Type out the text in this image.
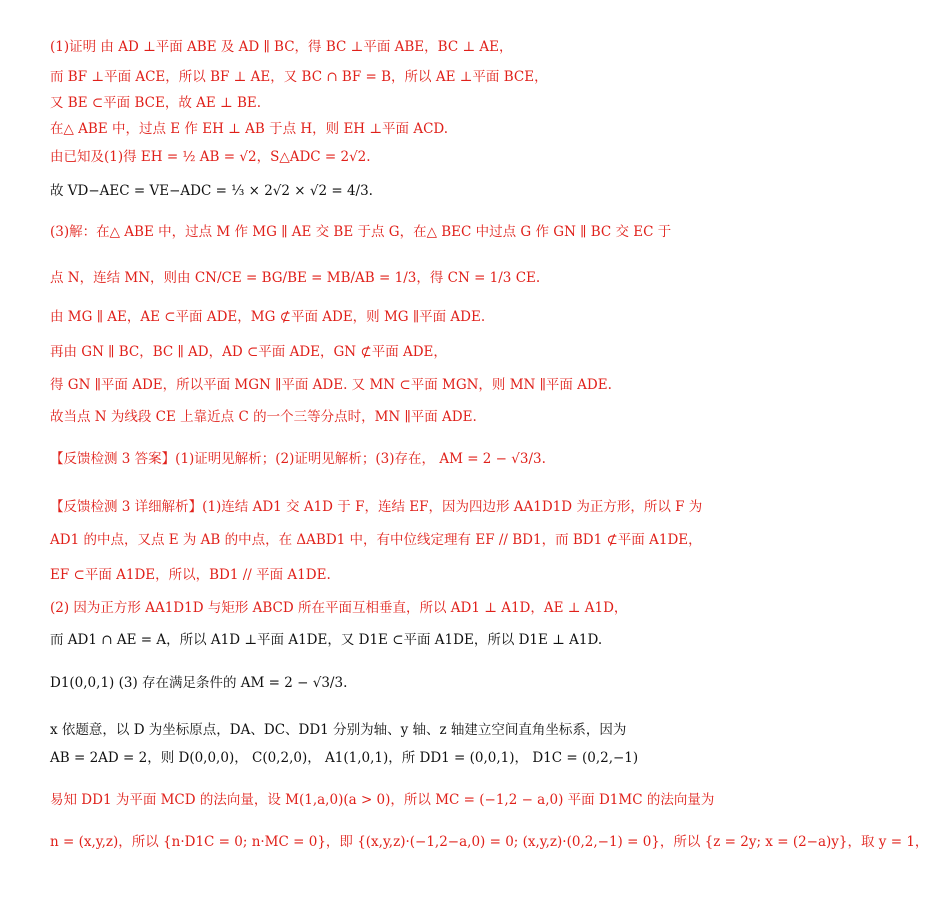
(1)证明 由 AD ⊥平面 ABE 及 AD ∥ BC，得 BC ⊥平面 ABE，BC ⊥ AE，
而 BF ⊥平面 ACE，所以 BF ⊥ AE，又 BC ∩ BF = B，所以 AE ⊥平面 BCE，
又 BE ⊂平面 BCE，故 AE ⊥ BE.
在△ ABE 中，过点 E 作 EH ⊥ AB 于点 H，则 EH ⊥平面 ACD.
由已知及(1)得 EH = ½ AB = √2，S△ADC = 2√2.
故 VD−AEC = VE−ADC = ⅓ × 2√2 × √2 = 4/3.
(3)解：在△ ABE 中，过点 M 作 MG ∥ AE 交 BE 于点 G，在△ BEC 中过点 G 作 GN ∥ BC 交 EC 于
点 N，连结 MN，则由 CN/CE = BG/BE = MB/AB = 1/3，得 CN = 1/3 CE.
由 MG ∥ AE，AE ⊂平面 ADE，MG ⊄平面 ADE，则 MG ∥平面 ADE.
再由 GN ∥ BC，BC ∥ AD，AD ⊂平面 ADE，GN ⊄平面 ADE，
得 GN ∥平面 ADE，所以平面 MGN ∥平面 ADE. 又 MN ⊂平面 MGN，则 MN ∥平面 ADE.
故当点 N 为线段 CE 上靠近点 C 的一个三等分点时，MN ∥平面 ADE.
【反馈检测 3 答案】(1)证明见解析；(2)证明见解析；(3)存在， AM = 2 − √3/3.
【反馈检测 3 详细解析】(1)连结 AD1 交 A1D 于 F，连结 EF，因为四边形 AA1D1D 为正方形，所以 F 为
AD1 的中点，又点 E 为 AB 的中点，在 ΔABD1 中，有中位线定理有 EF // BD1，而 BD1 ⊄平面 A1DE，
EF ⊂平面 A1DE，所以，BD1 // 平面 A1DE.
(2) 因为正方形 AA1D1D 与矩形 ABCD 所在平面互相垂直，所以 AD1 ⊥ A1D，AE ⊥ A1D，
而 AD1 ∩ AE = A，所以 A1D ⊥平面 A1DE，又 D1E ⊂平面 A1DE，所以 D1E ⊥ A1D.
D1(0,0,1) (3) 存在满足条件的 AM = 2 − √3/3.
x 依题意，以 D 为坐标原点，DA、DC、DD1 分别为轴、y 轴、z 轴建立空间直角坐标系，因为
AB = 2AD = 2，则 D(0,0,0)， C(0,2,0)， A1(1,0,1)，所 DD1 = (0,0,1)， D1C = (0,2,−1)
易知 DD1 为平面 MCD 的法向量，设 M(1,a,0)(a > 0)，所以 MC = (−1,2 − a,0) 平面 D1MC 的法向量为
n = (x,y,z)，所以 {n·D1C = 0; n·MC = 0}，即 {(x,y,z)·(−1,2−a,0) = 0; (x,y,z)·(0,2,−1) = 0}，所以 {z = 2y; x = (2−a)y}，取 y = 1，
